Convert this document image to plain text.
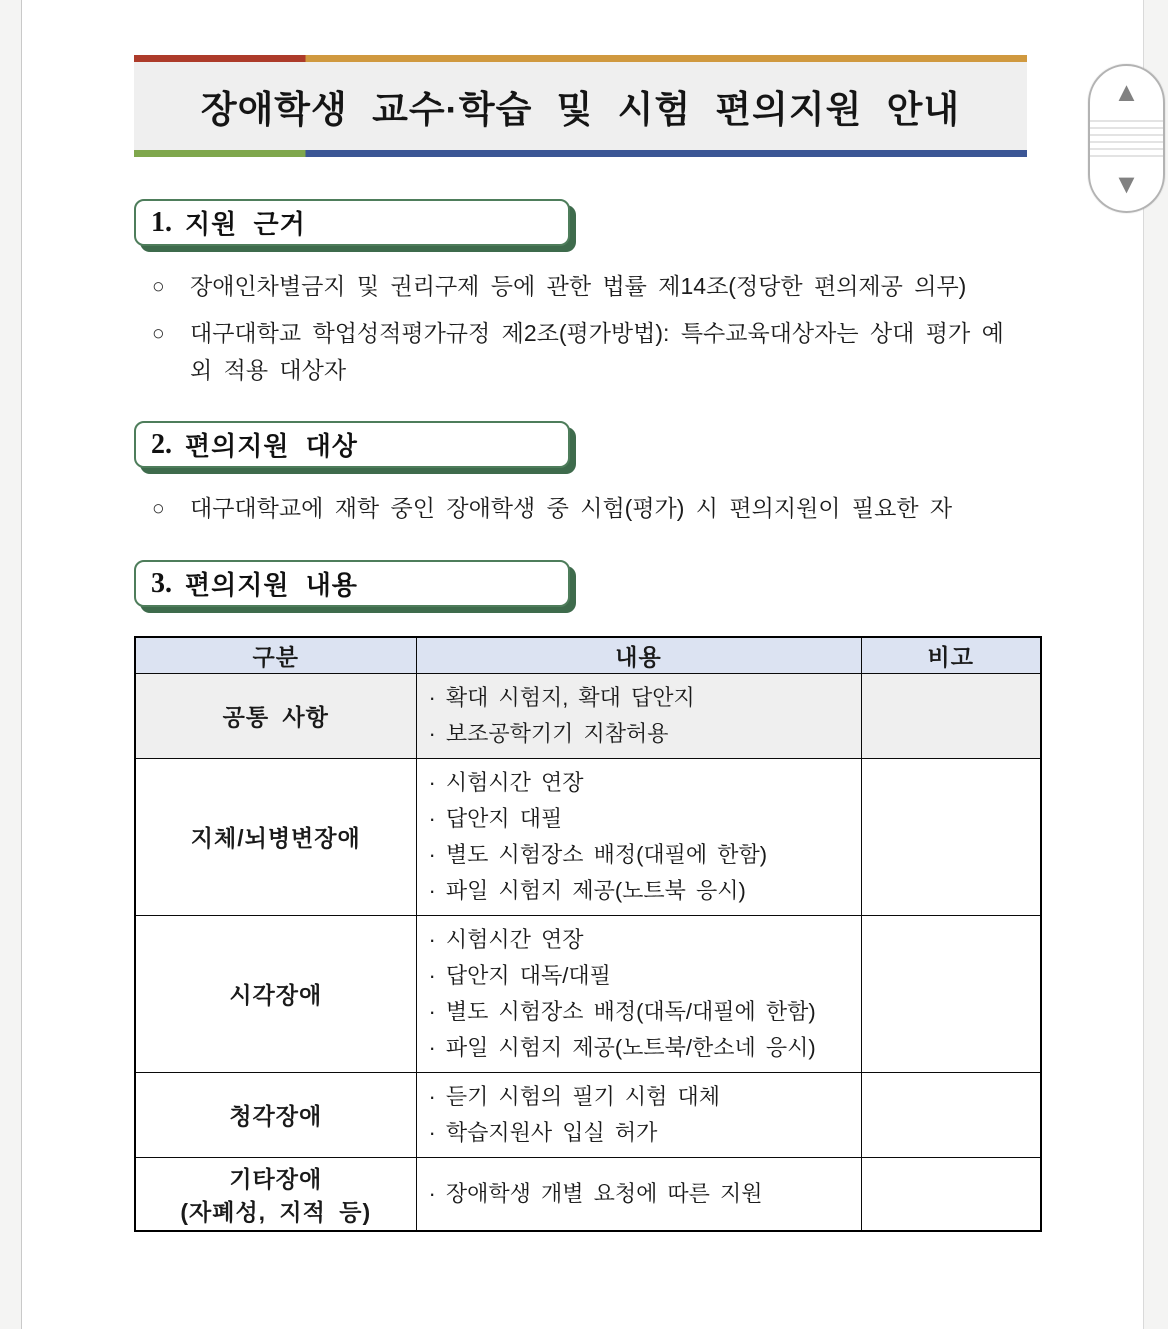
장애학생 교수·학습 및 시험 편의지원 안내
1. 지원 근거
○ 장애인차별금지 및 권리구제 등에 관한 법률 제14조(정당한 편의제공 의무)
○ 대구대학교 학업성적평가규정 제2조(평가방법): 특수교육대상자는 상대 평가 예외 적용 대상자
2. 편의지원 대상
○ 대구대학교에 재학 중인 장애학생 중 시험(평가) 시 편의지원이 필요한 자
3. 편의지원 내용
구분	내용	비고
공통 사항	· 확대 시험지, 확대 답안지
· 보조공학기기 지참허용	

지체/뇌병변장애	· 시험시간 연장
· 답안지 대필
· 별도 시험장소 배정(대필에 한함)
· 파일 시험지 제공(노트북 응시)	

시각장애	· 시험시간 연장
· 답안지 대독/대필
· 별도 시험장소 배정(대독/대필에 한함)
· 파일 시험지 제공(노트북/한소네 응시)	

청각장애	· 듣기 시험의 필기 시험 대체
· 학습지원사 입실 허가	

기타장애
(자폐성, 지적 등)	· 장애학생 개별 요청에 따른 지원	

▲
▼
